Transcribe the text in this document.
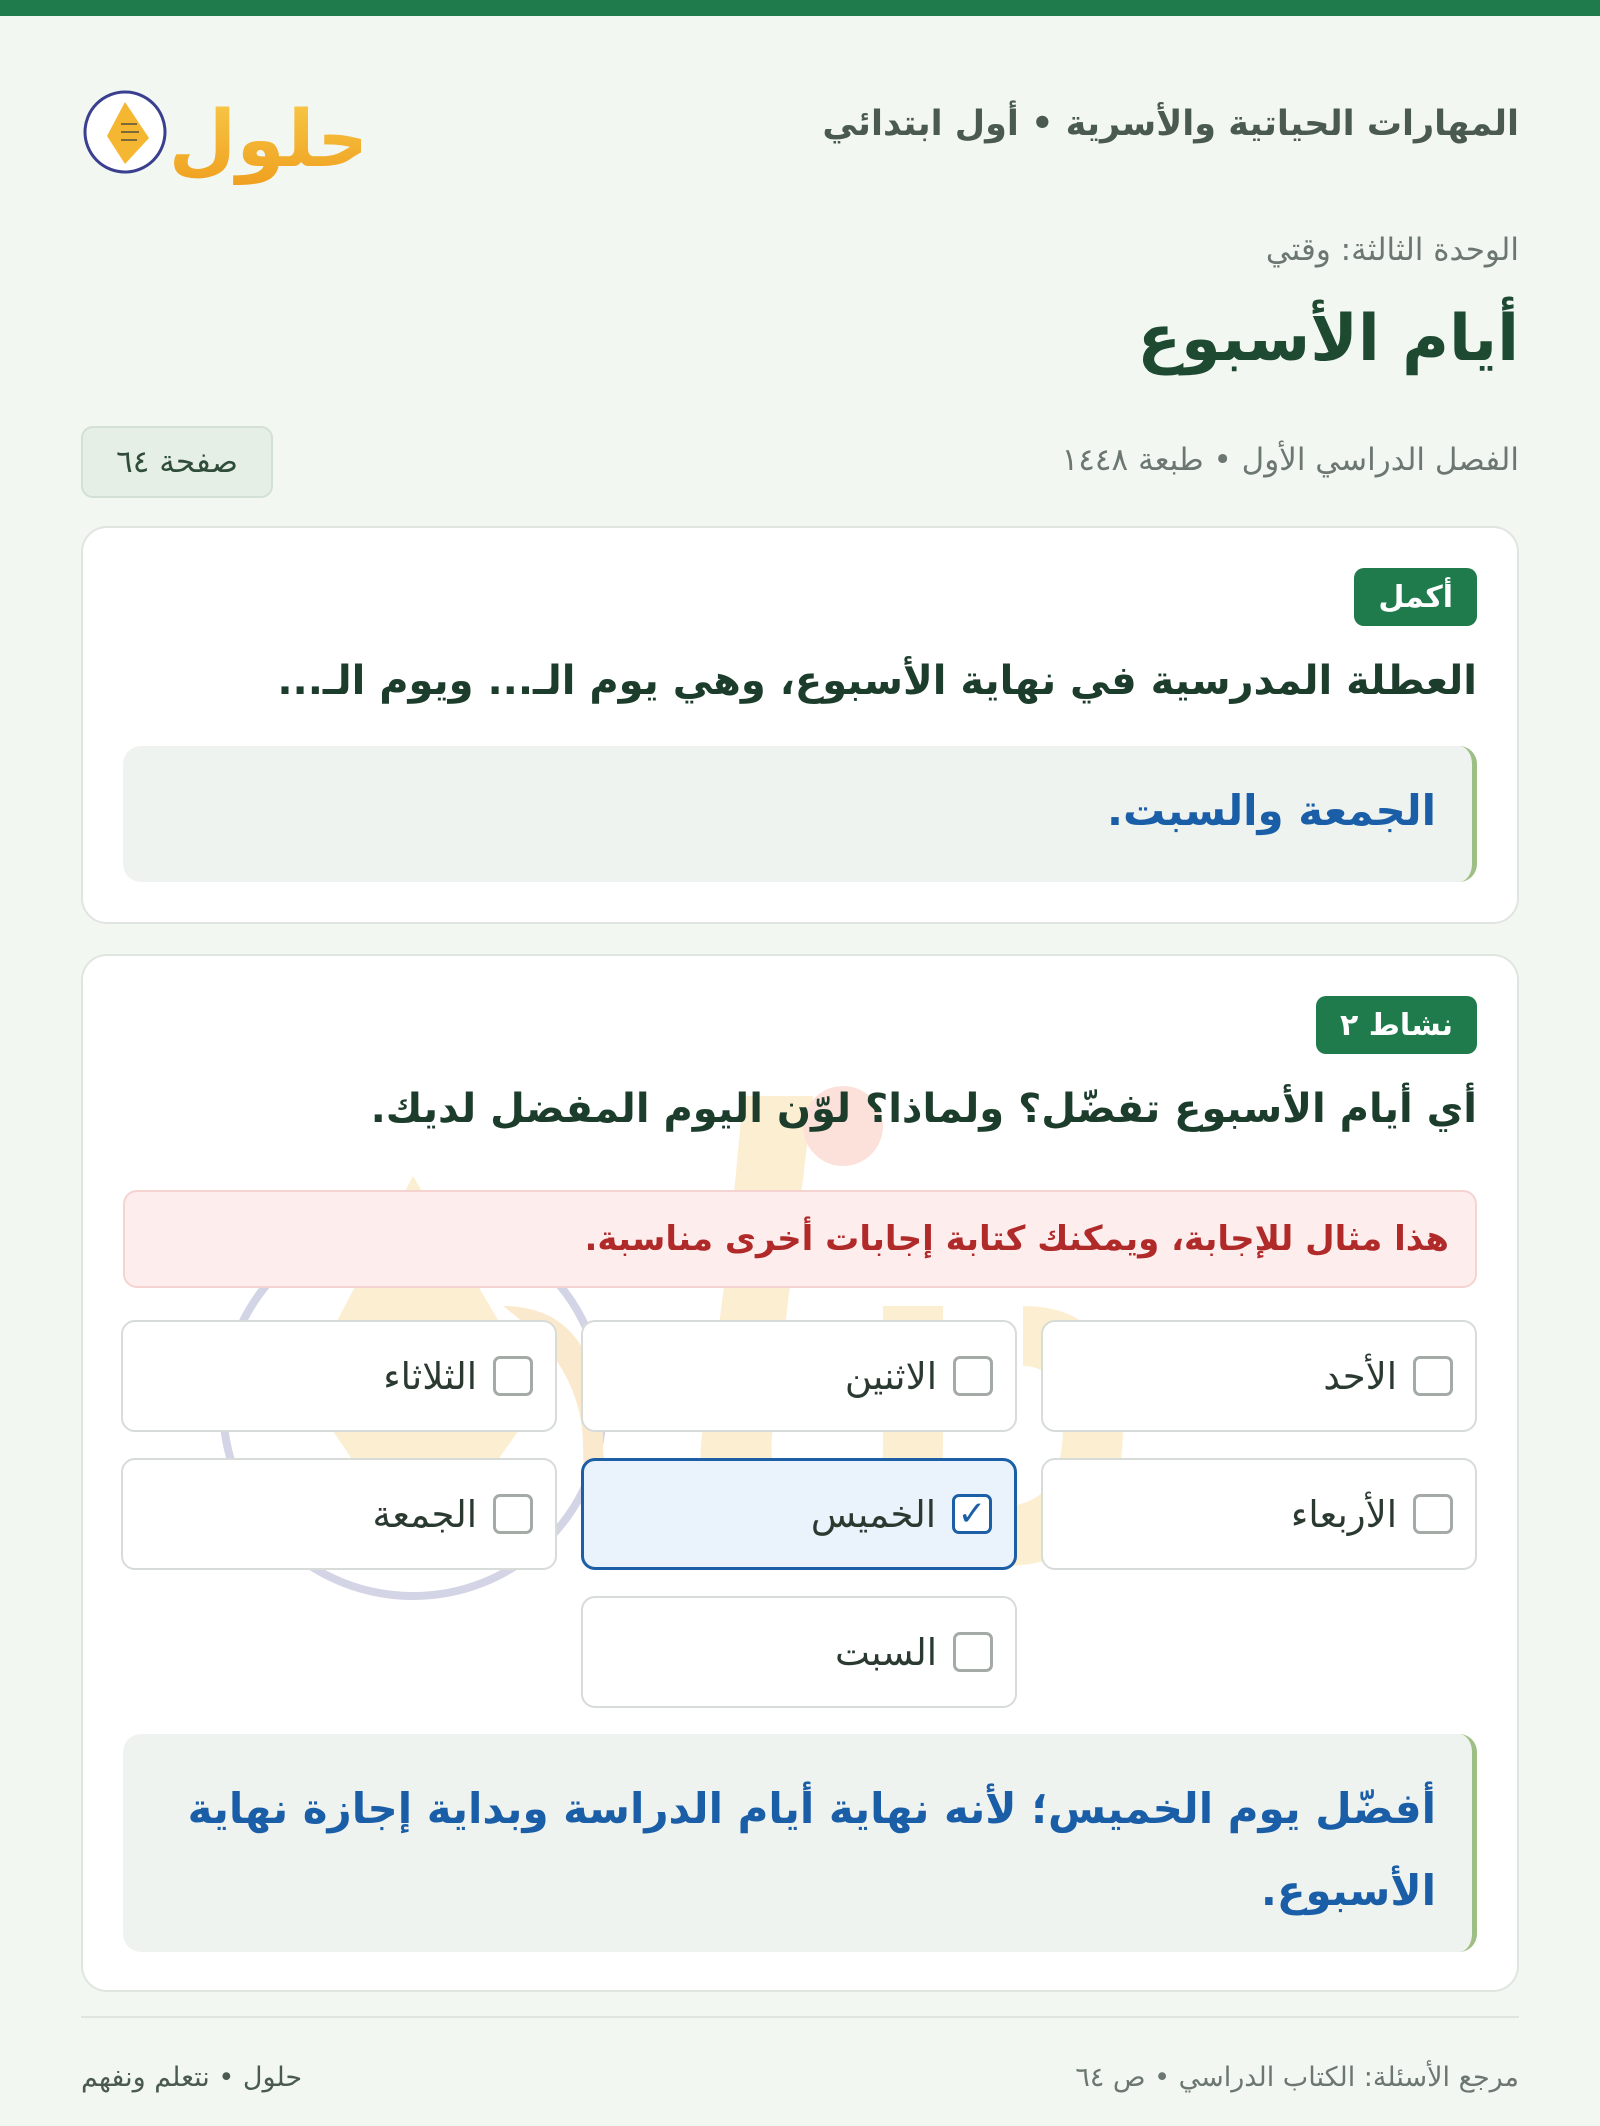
المهارات الحياتية والأسرية • أول ابتدائي
حلول
الوحدة الثالثة: وقتي
أيام الأسبوع
الفصل الدراسي الأول • طبعة ١٤٤٨
صفحة ٦٤
أكمل
العطلة المدرسية في نهاية الأسبوع، وهي يوم الـ... ويوم الـ...
الجمعة والسبت.
نشاط ٢
أي أيام الأسبوع تفضّل؟ ولماذا؟ لوّن اليوم المفضل لديك.
هذا مثال للإجابة، ويمكنك كتابة إجابات أخرى مناسبة.
الأحد
الاثنين
الثلاثاء
الأربعاء
✓
الخميس
الجمعة
السبت
أفضّل يوم الخميس؛ لأنه نهاية أيام الدراسة وبداية إجازة نهاية الأسبوع.
مرجع الأسئلة: الكتاب الدراسي • ص ٦٤
حلول • نتعلم ونفهم
